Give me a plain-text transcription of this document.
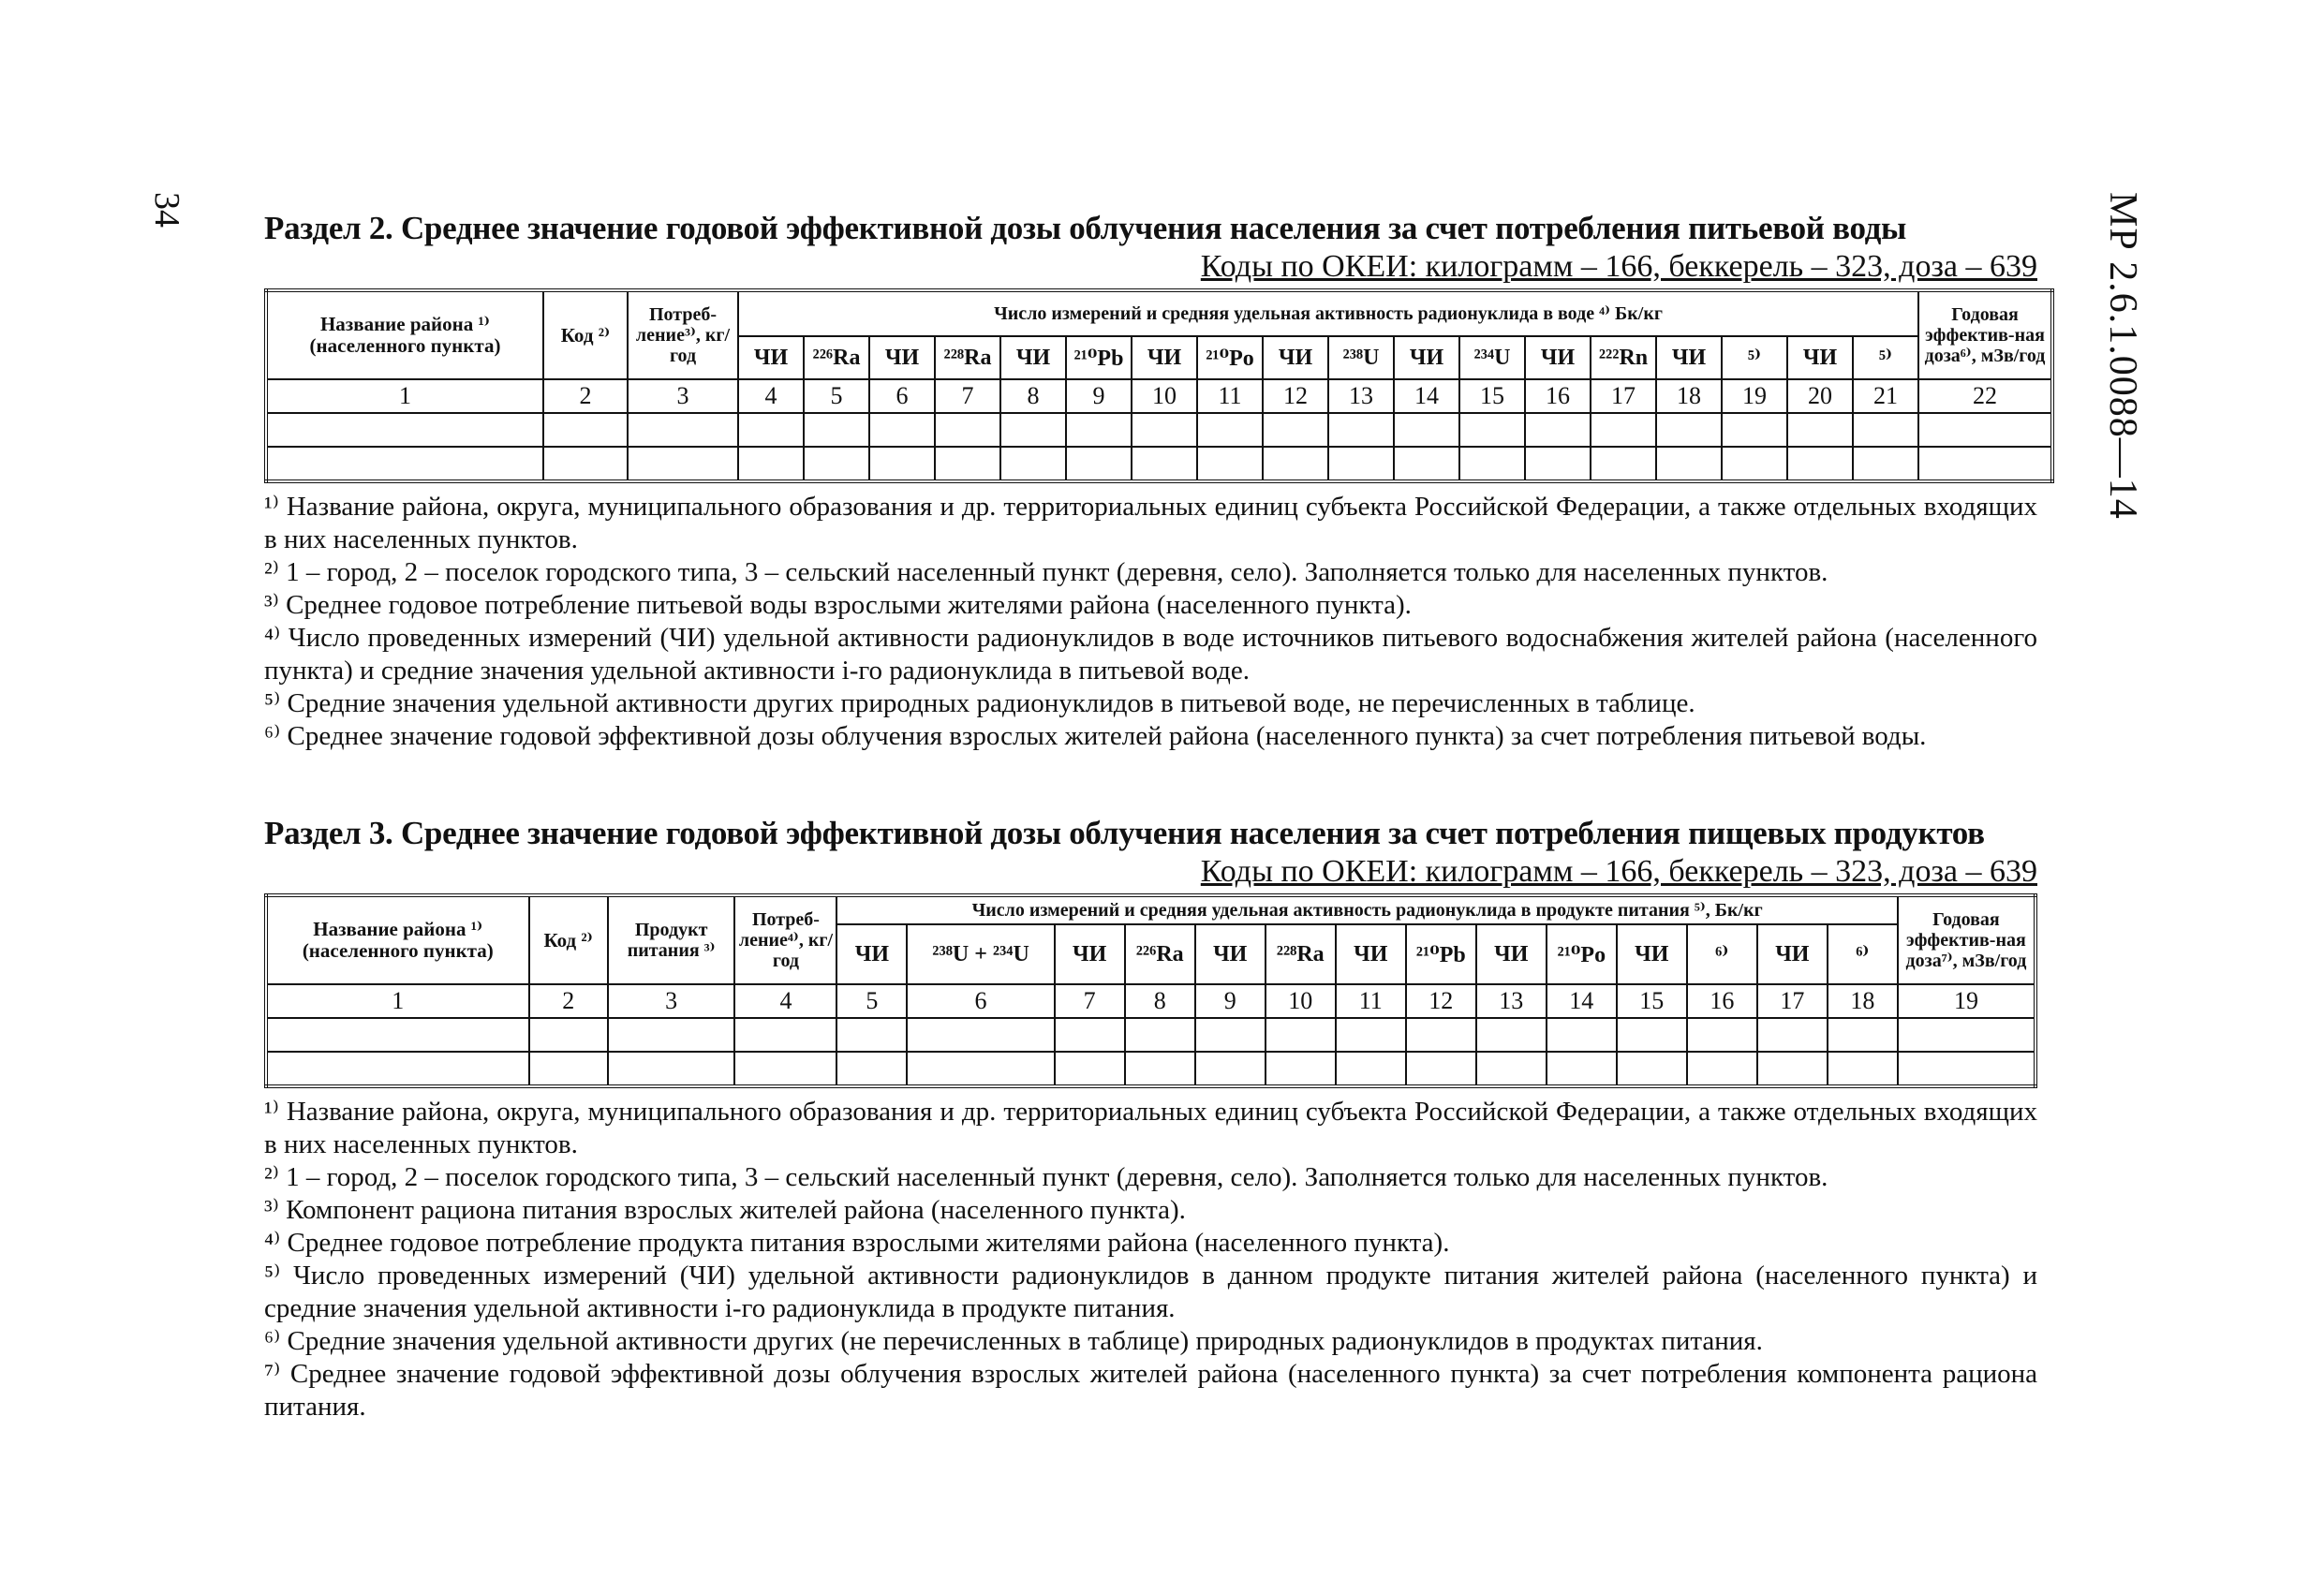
34	МР 2.6.1.0088—14
Раздел 2. Среднее значение годовой эффективной дозы облучения населения за счет потребления питьевой воды
Коды по ОКЕИ: килограмм – 166, беккерель – 323, доза – 639
Название района ¹⁾ (населенного пункта)	Код ²⁾	Потреб-ление³⁾, кг/год	Число измерений и средняя удельная активность радионуклида в воде ⁴⁾ Бк/кг																		Годовая эффектив-ная доза⁶⁾, мЗв/год
			ЧИ	²²⁶Ra	ЧИ	²²⁸Ra	ЧИ	²¹⁰Pb	ЧИ	²¹⁰Po	ЧИ	²³⁸U	ЧИ	²³⁴U	ЧИ	²²²Rn	ЧИ	⁵⁾	ЧИ	⁵⁾	
1	2	3	4	5	6	7	8	9	10	11	12	13	14	15	16	17	18	19	20	21	22

¹⁾ Название района, округа, муниципального образования и др. территориальных единиц субъекта Российской Федерации, а также отдельных входящих в них населенных пунктов.

²⁾ 1 – город, 2 – поселок городского типа, 3 – сельский населенный пункт (деревня, село). Заполняется только для населенных пунктов.

³⁾ Среднее годовое потребление питьевой воды взрослыми жителями района (населенного пункта).

⁴⁾ Число проведенных измерений (ЧИ) удельной активности радионуклидов в воде источников питьевого водоснабжения жителей района (населенного пункта) и средние значения удельной активности i-го радионуклида в питьевой воде.

⁵⁾ Средние значения удельной активности других природных радионуклидов в питьевой воде, не перечисленных в таблице.

⁶⁾ Среднее значение годовой эффективной дозы облучения взрослых жителей района (населенного пункта) за счет потребления питьевой воды.

Раздел 3. Среднее значение годовой эффективной дозы облучения населения за счет потребления пищевых продуктов
Коды по ОКЕИ: килограмм – 166, беккерель – 323, доза – 639
Название района ¹⁾ (населенного пункта)	Код ²⁾	Продукт питания ³⁾	Потреб-ление⁴⁾, кг/год	Число измерений и средняя удельная активность радионуклида в продукте питания ⁵⁾, Бк/кг														Годовая эффектив-ная доза⁷⁾, мЗв/год
				ЧИ	²³⁸U + ²³⁴U	ЧИ	²²⁶Ra	ЧИ	²²⁸Ra	ЧИ	²¹⁰Pb	ЧИ	²¹⁰Po	ЧИ	⁶⁾	ЧИ	⁶⁾	
1	2	3	4	5	6	7	8	9	10	11	12	13	14	15	16	17	18	19

¹⁾ Название района, округа, муниципального образования и др. территориальных единиц субъекта Российской Федерации, а также отдельных входящих в них населенных пунктов.

²⁾ 1 – город, 2 – поселок городского типа, 3 – сельский населенный пункт (деревня, село). Заполняется только для населенных пунктов.

³⁾ Компонент рациона питания взрослых жителей района (населенного пункта).

⁴⁾ Среднее годовое потребление продукта питания взрослыми жителями района (населенного пункта).

⁵⁾ Число проведенных измерений (ЧИ) удельной активности радионуклидов в данном продукте питания жителей района (населенного пункта) и средние значения удельной активности i-го радионуклида в продукте питания.

⁶⁾ Средние значения удельной активности других (не перечисленных в таблице) природных радионуклидов в продуктах питания.

⁷⁾ Среднее значение годовой эффективной дозы облучения взрослых жителей района (населенного пункта) за счет потребления компонента рациона питания.
